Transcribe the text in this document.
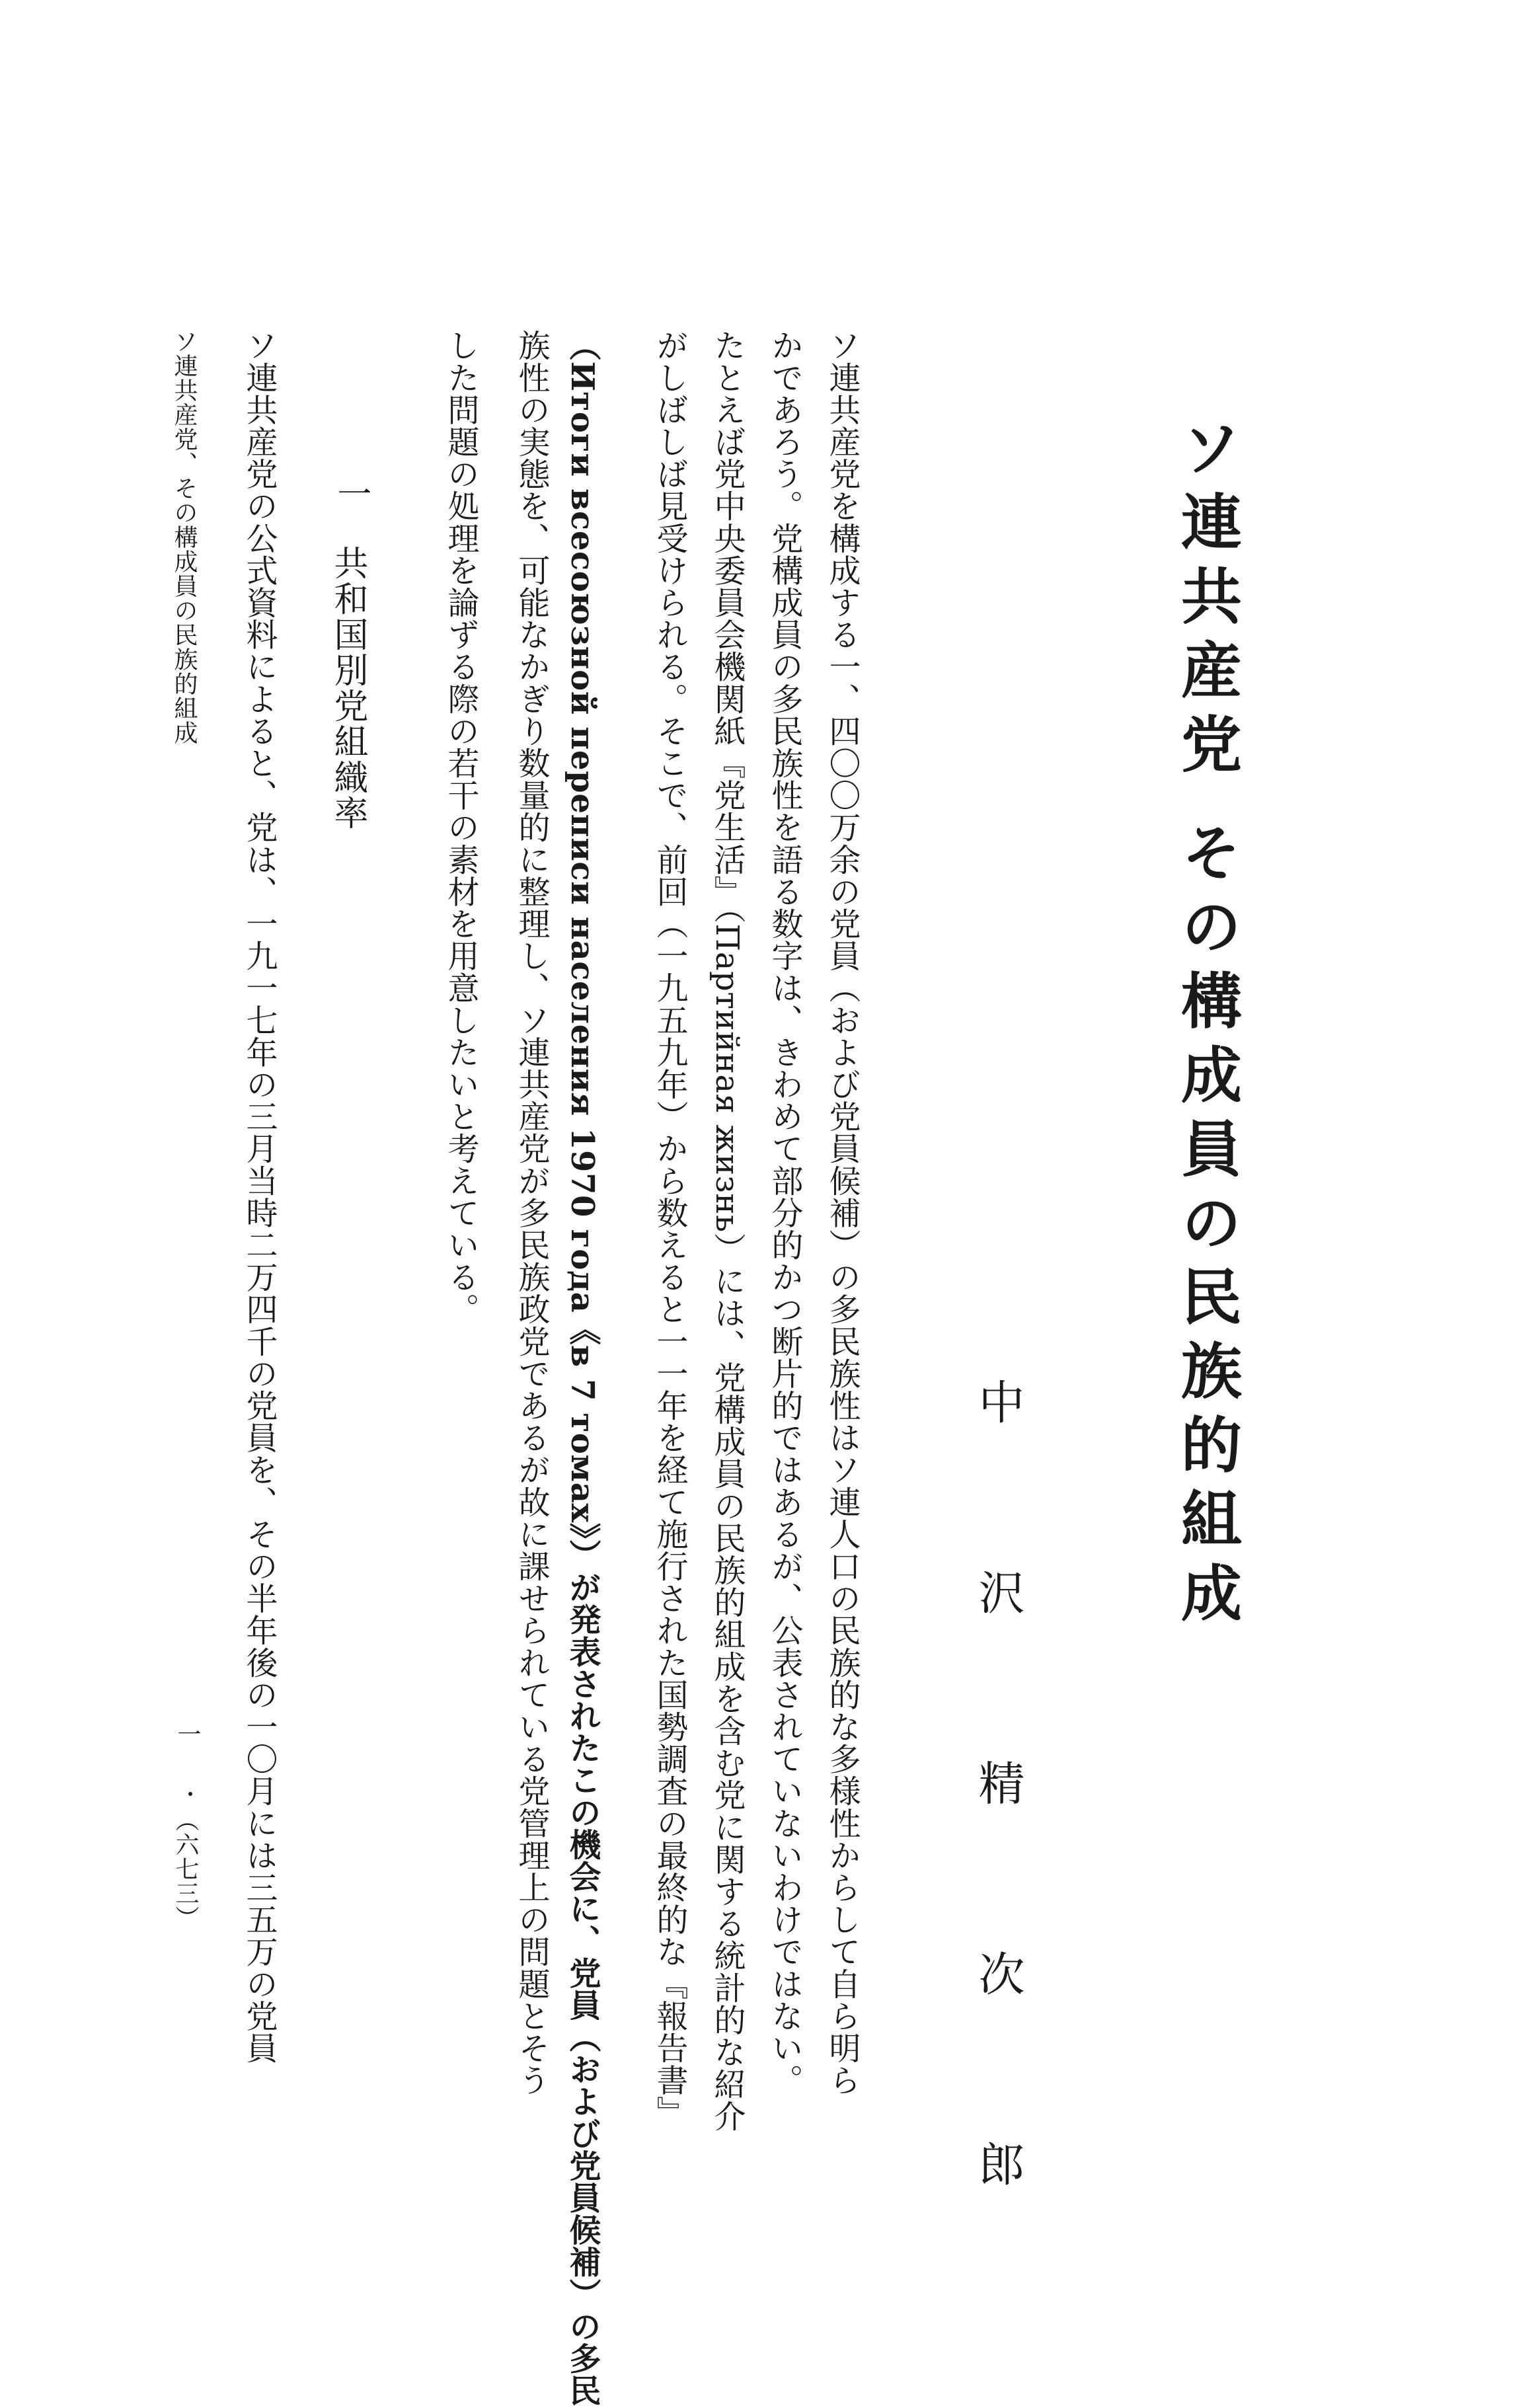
ソ連共産党 その構成員の民族的組成
中 沢 精 次 郎
ソ連共産党を構成する一、四〇〇万余の党員（および党員候補）の多民族性はソ連人口の民族的な多様性からして自ら明ら
かであろう。党構成員の多民族性を語る数字は、きわめて部分的かつ断片的ではあるが、公表されていないわけではない。
たとえば党中央委員会機関紙『党生活』（Партийная жизнь）には、党構成員の民族的組成を含む党に関する統計的な紹介
がしばしば見受けられる。そこで、前回（一九五九年）から数えると一一年を経て施行された国勢調査の最終的な『報告書』
（Итоги всесоюзной переписи населения 1970 года《в 7 томах》）が発表されたこの機会に、党員（および党員候補）の多民
族性の実態を、可能なかぎり数量的に整理し、ソ連共産党が多民族政党であるが故に課せられている党管理上の問題とそう
した問題の処理を論ずる際の若干の素材を用意したいと考えている。
一
共和国別党組織率
ソ連共産党の公式資料によると、党は、一九一七年の三月当時二万四千の党員を、その半年後の一〇月には三五万の党員
ソ連共産党、その構成員の民族的組成
一
・
（六七三）
